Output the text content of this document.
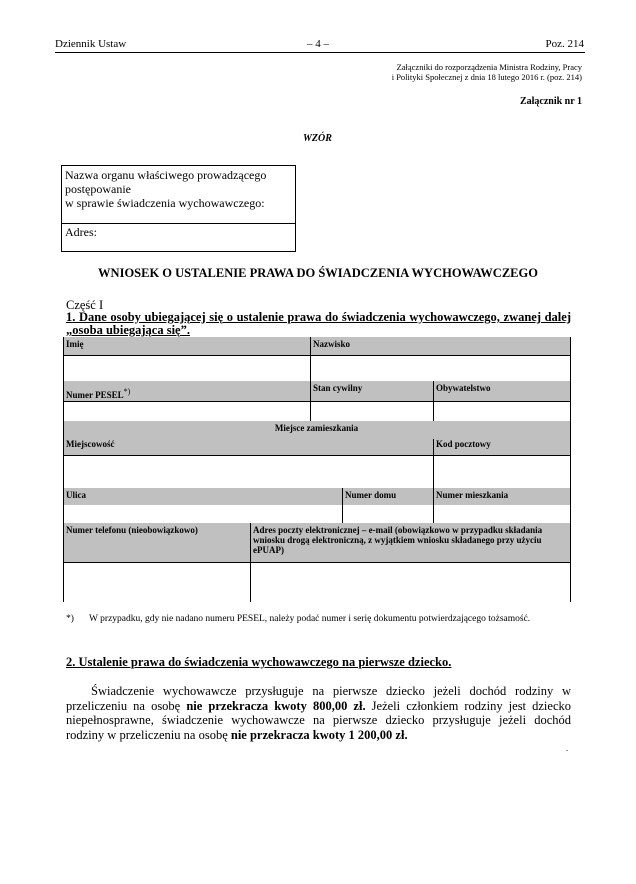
Dziennik Ustaw	– 4 –	Poz. 214
Załączniki do rozporządzenia Ministra Rodziny, Pracy
i Polityki Społecznej z dnia 18 lutego 2016 r. (poz. 214)
Załącznik nr 1
WZÓR
Nazwa organu właściwego prowadzącego
postępowanie
w sprawie świadczenia wychowawczego:
Adres:
WNIOSEK O USTALENIE PRAWA DO ŚWIADCZENIA WYCHOWAWCZEGO
Część I
1. Dane osoby ubiegającej się o ustalenie prawa do świadczenia wychowawczego, zwanej dalej „osoba ubiegająca się”.
Imię	Nazwisko
Numer PESEL*)	Stan cywilny	Obywatelstwo
Miejsce zamieszkania
Miejscowość	Kod pocztowy
Ulica	Numer domu	Numer mieszkania
Numer telefonu (nieobowiązkowo)	Adres poczty elektronicznej – e-mail (obowiązkowo w przypadku składania wniosku drogą elektroniczną, z wyjątkiem wniosku składanego przy użyciu ePUAP)
*) W przypadku, gdy nie nadano numeru PESEL, należy podać numer i serię dokumentu potwierdzającego tożsamość.
2. Ustalenie prawa do świadczenia wychowawczego na pierwsze dziecko.
Świadczenie wychowawcze przysługuje na pierwsze dziecko jeżeli dochód rodziny w przeliczeniu na osobę nie przekracza kwoty 800,00 zł. Jeżeli członkiem rodziny jest dziecko niepełnosprawne, świadczenie wychowawcze na pierwsze dziecko przysługuje jeżeli dochód rodziny w przeliczeniu na osobę nie przekracza kwoty 1 200,00 zł.
